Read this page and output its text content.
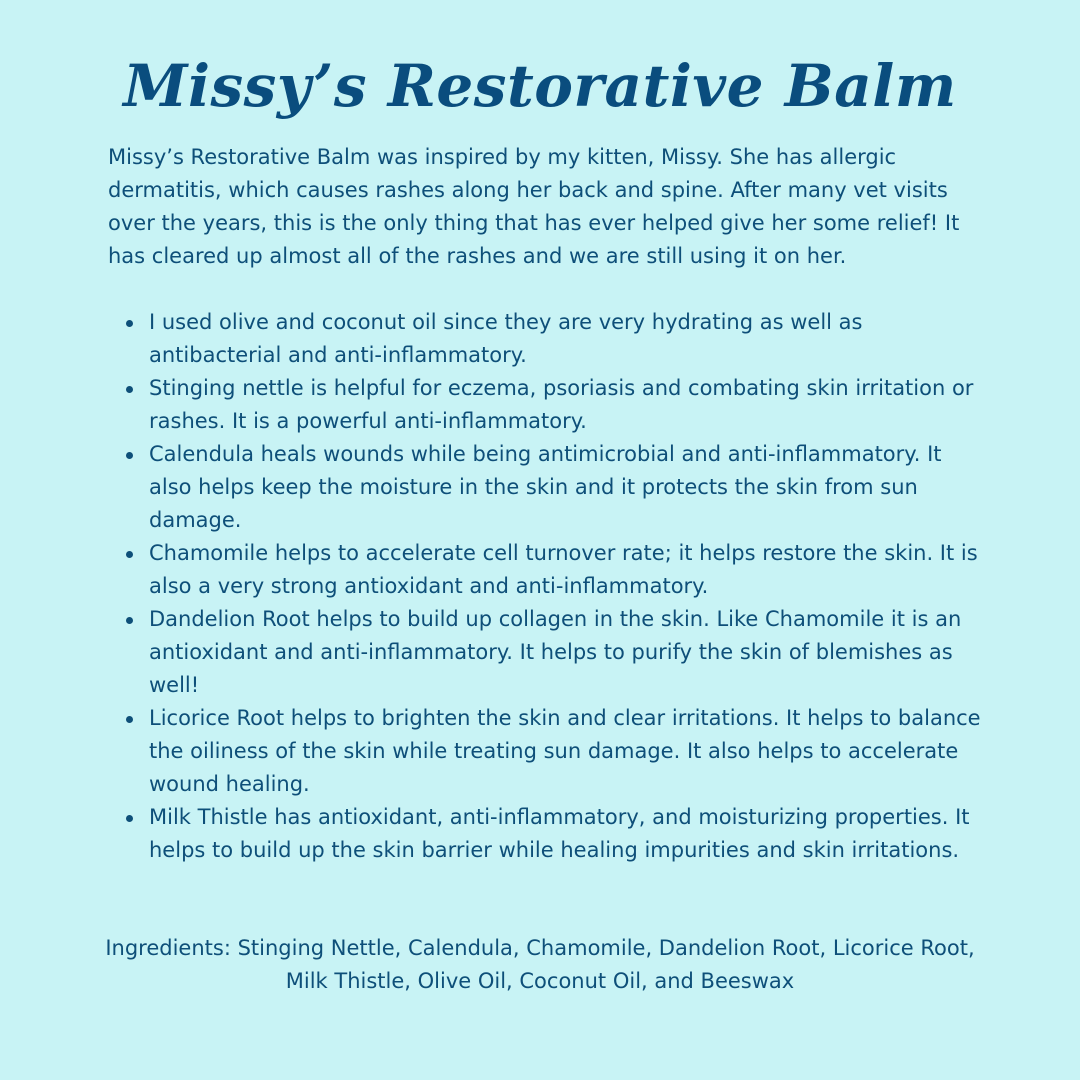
Missy’s Restorative Balm

Missy’s Restorative Balm was inspired by my kitten, Missy. She has allergic dermatitis, which causes rashes along her back and spine. After many vet visits over the years, this is the only thing that has ever helped give her some relief! It has cleared up almost all of the rashes and we are still using it on her.

I used olive and coconut oil since they are very hydrating as well as antibacterial and anti-inflammatory.
Stinging nettle is helpful for eczema, psoriasis and combating skin irritation or rashes. It is a powerful anti-inflammatory.
Calendula heals wounds while being antimicrobial and anti-inflammatory. It also helps keep the moisture in the skin and it protects the skin from sun damage.
Chamomile helps to accelerate cell turnover rate; it helps restore the skin. It is also a very strong antioxidant and anti-inflammatory.
Dandelion Root helps to build up collagen in the skin. Like Chamomile it is an antioxidant and anti-inflammatory. It helps to purify the skin of blemishes as well!
Licorice Root helps to brighten the skin and clear irritations. It helps to balance the oiliness of the skin while treating sun damage. It also helps to accelerate wound healing.
Milk Thistle has antioxidant, anti-inflammatory, and moisturizing properties. It helps to build up the skin barrier while healing impurities and skin irritations.

Ingredients: Stinging Nettle, Calendula, Chamomile, Dandelion Root, Licorice Root, Milk Thistle, Olive Oil, Coconut Oil, and Beeswax
